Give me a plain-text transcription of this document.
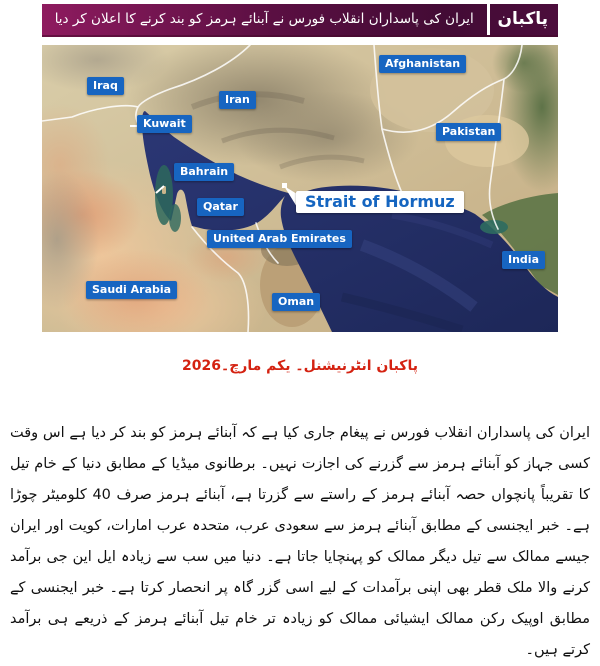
پاکبان
ایران کی پاسداران انقلاب فورس نے آبنائے ہرمز کو بند کرنے کا اعلان کر دیا
Iraq
Iran
Kuwait
Bahrain
Qatar
United Arab Emirates
Saudi Arabia
Oman
Afghanistan
Pakistan
India
Strait of Hormuz
پاکبان انٹرنیشنل۔ یکم مارچ۔2026

ایران کی پاسداران انقلاب فورس نے پیغام جاری کیا ہے کہ آبنائے ہرمز کو بند کر دیا ہے اس وقت کسی جہاز کو آبنائے ہرمز سے گزرنے کی اجازت نہیں۔ برطانوی میڈیا کے مطابق دنیا کے خام تیل کا تقریباً پانچواں حصہ آبنائے ہرمز کے راستے سے گزرتا ہے، آبنائے ہرمز صرف 40 کلومیٹر چوڑا ہے۔ خبر ایجنسی کے مطابق آبنائے ہرمز سے سعودی عرب، متحدہ عرب امارات، کویت اور ایران جیسے ممالک سے تیل دیگر ممالک کو پہنچایا جاتا ہے۔ دنیا میں سب سے زیادہ ایل این جی برآمد کرنے والا ملک قطر بھی اپنی برآمدات کے لیے اسی گزر گاہ پر انحصار کرتا ہے۔ خبر ایجنسی کے مطابق اوپیک رکن ممالک ایشیائی ممالک کو زیادہ تر خام تیل آبنائے ہرمز کے ذریعے ہی برآمد کرتے ہیں۔
